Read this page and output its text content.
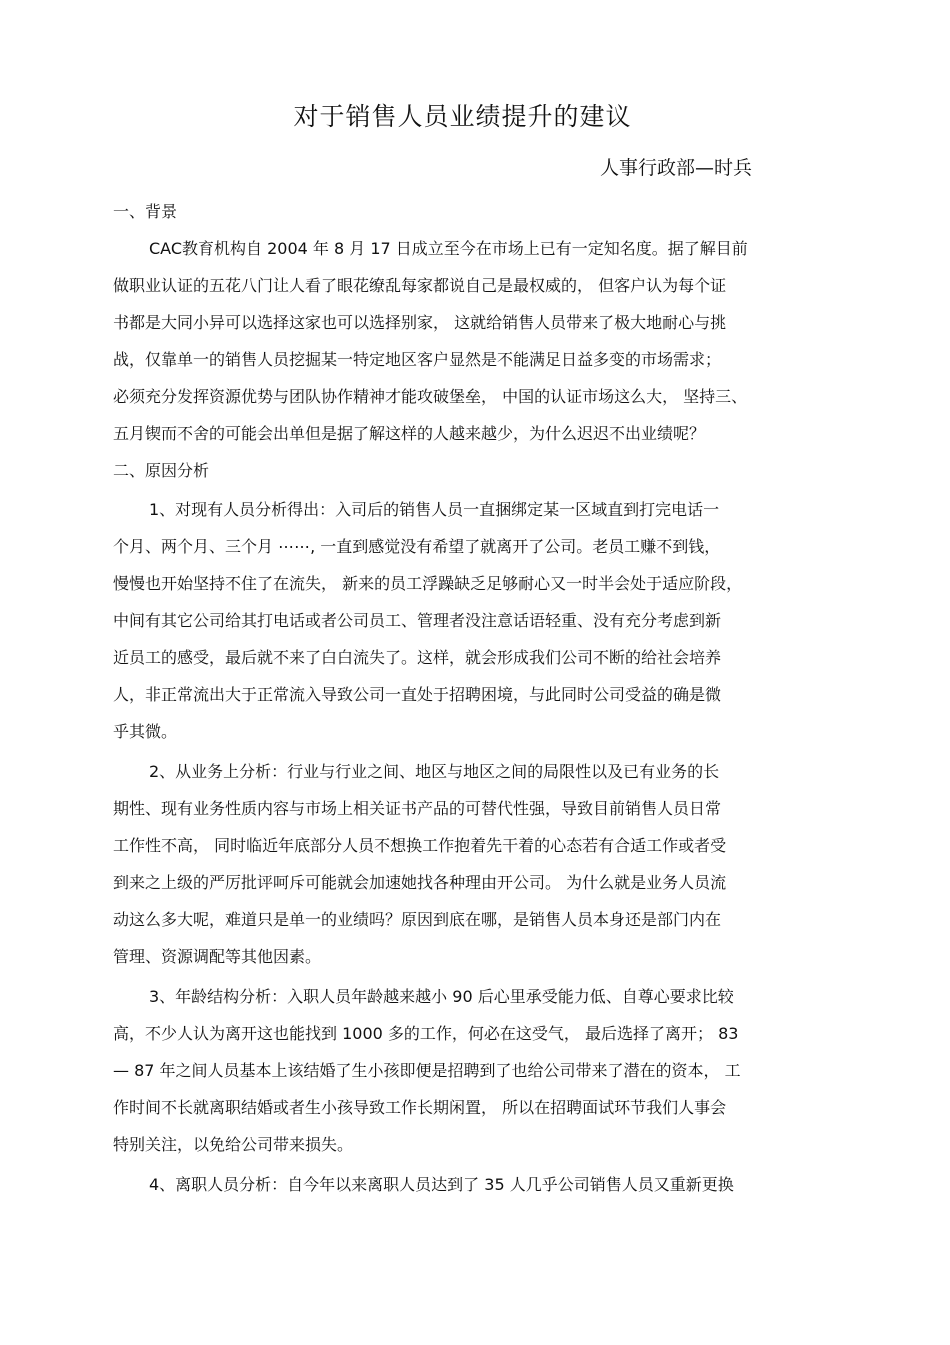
对于销售人员业绩提升的建议
人事行政部—时兵
一、背景
CAC教育机构自 2004 年 8 月 17 日成立至今在市场上已有一定知名度。据了解目前
做职业认证的五花八门让人看了眼花缭乱每家都说自己是最权威的， 但客户认为每个证
书都是大同小异可以选择这家也可以选择别家， 这就给销售人员带来了极大地耐心与挑
战，仅靠单一的销售人员挖掘某一特定地区客户显然是不能满足日益多变的市场需求；
必须充分发挥资源优势与团队协作精神才能攻破堡垒， 中国的认证市场这么大， 坚持三、
五月锲而不舍的可能会出单但是据了解这样的人越来越少，为什么迟迟不出业绩呢？
二、原因分析
1、对现有人员分析得出：入司后的销售人员一直捆绑定某一区域直到打完电话一
个月、两个月、三个月 ⋯⋯, 一直到感觉没有希望了就离开了公司。老员工赚不到钱，
慢慢也开始坚持不住了在流失， 新来的员工浮躁缺乏足够耐心又一时半会处于适应阶段，
中间有其它公司给其打电话或者公司员工、管理者没注意话语轻重、没有充分考虑到新
近员工的感受，最后就不来了白白流失了。这样，就会形成我们公司不断的给社会培养
人，非正常流出大于正常流入导致公司一直处于招聘困境，与此同时公司受益的确是微
乎其微。
2、从业务上分析：行业与行业之间、地区与地区之间的局限性以及已有业务的长
期性、现有业务性质内容与市场上相关证书产品的可替代性强，导致目前销售人员日常
工作性不高， 同时临近年底部分人员不想换工作抱着先干着的心态若有合适工作或者受
到来之上级的严厉批评呵斥可能就会加速她找各种理由开公司。 为什么就是业务人员流
动这么多大呢，难道只是单一的业绩吗？原因到底在哪，是销售人员本身还是部门内在
管理、资源调配等其他因素。
3、年龄结构分析：入职人员年龄越来越小 90 后心里承受能力低、自尊心要求比较
高，不少人认为离开这也能找到 1000 多的工作，何必在这受气， 最后选择了离开； 83
— 87 年之间人员基本上该结婚了生小孩即便是招聘到了也给公司带来了潜在的资本， 工
作时间不长就离职结婚或者生小孩导致工作长期闲置， 所以在招聘面试环节我们人事会
特别关注，以免给公司带来损失。
4、离职人员分析：自今年以来离职人员达到了 35 人几乎公司销售人员又重新更换
